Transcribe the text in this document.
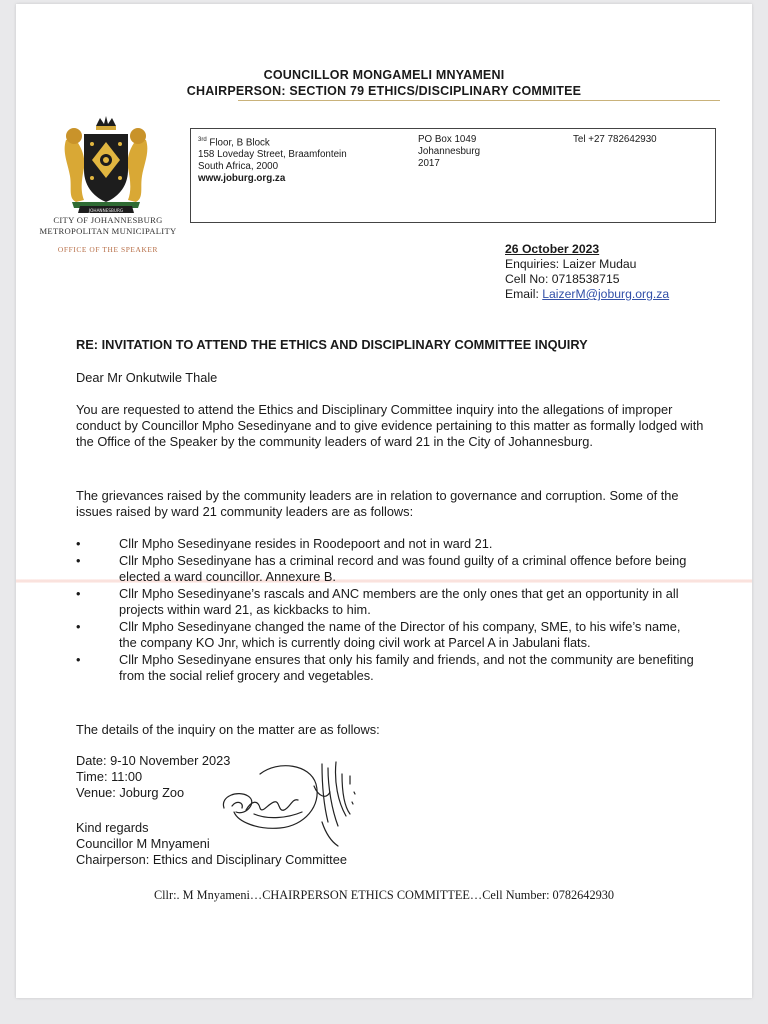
COUNCILLOR MONGAMELI MNYAMENI
CHAIRPERSON: SECTION 79 ETHICS/DISCIPLINARY COMMITEE
JOHANNESBURG
CITY OF JOHANNESBURG
METROPOLITAN MUNICIPALITY
OFFICE OF THE SPEAKER
$^{3rd}$ Floor, B Block
158 Loveday Street, Braamfontein
South Africa, 2000
www.joburg.org.za
PO Box 1049
Johannesburg
2017
Tel +27 782642930
26 October 2023
Enquiries: Laizer Mudau
Cell No: 0718538715
Email: LaizerM@joburg.org.za
RE: INVITATION TO ATTEND THE ETHICS AND DISCIPLINARY COMMITTEE INQUIRY
Dear Mr Onkutwile Thale
You are requested to attend the Ethics and Disciplinary Committee inquiry into the allegations of improper conduct by Councillor Mpho Sesedinyane and to give evidence pertaining to this matter as formally lodged with the Office of the Speaker by the community leaders of ward 21 in the City of Johannesburg.
The grievances raised by the community leaders are in relation to governance and corruption. Some of the issues raised by ward 21 community leaders are as follows:
•	Cllr Mpho Sesedinyane resides in Roodepoort and not in ward 21.
•	Cllr Mpho Sesedinyane has a criminal record and was found guilty of a criminal offence before being elected a ward councillor. Annexure B.
•	Cllr Mpho Sesedinyane’s rascals and ANC members are the only ones that get an opportunity in all projects within ward 21, as kickbacks to him.
•	Cllr Mpho Sesedinyane changed the name of the Director of his company, SME, to his wife’s name, the company KO Jnr, which is currently doing civil work at Parcel A in Jabulani flats.
•	Cllr Mpho Sesedinyane ensures that only his family and friends, and not the community are benefiting from the social relief grocery and vegetables.
The details of the inquiry on the matter are as follows:
Date: 9-10 November 2023
Time: 11:00
Venue: Joburg Zoo
Kind regards
Councillor M Mnyameni
Chairperson: Ethics and Disciplinary Committee
Cllr:. M Mnyameni…CHAIRPERSON ETHICS COMMITTEE…Cell Number: 0782642930
